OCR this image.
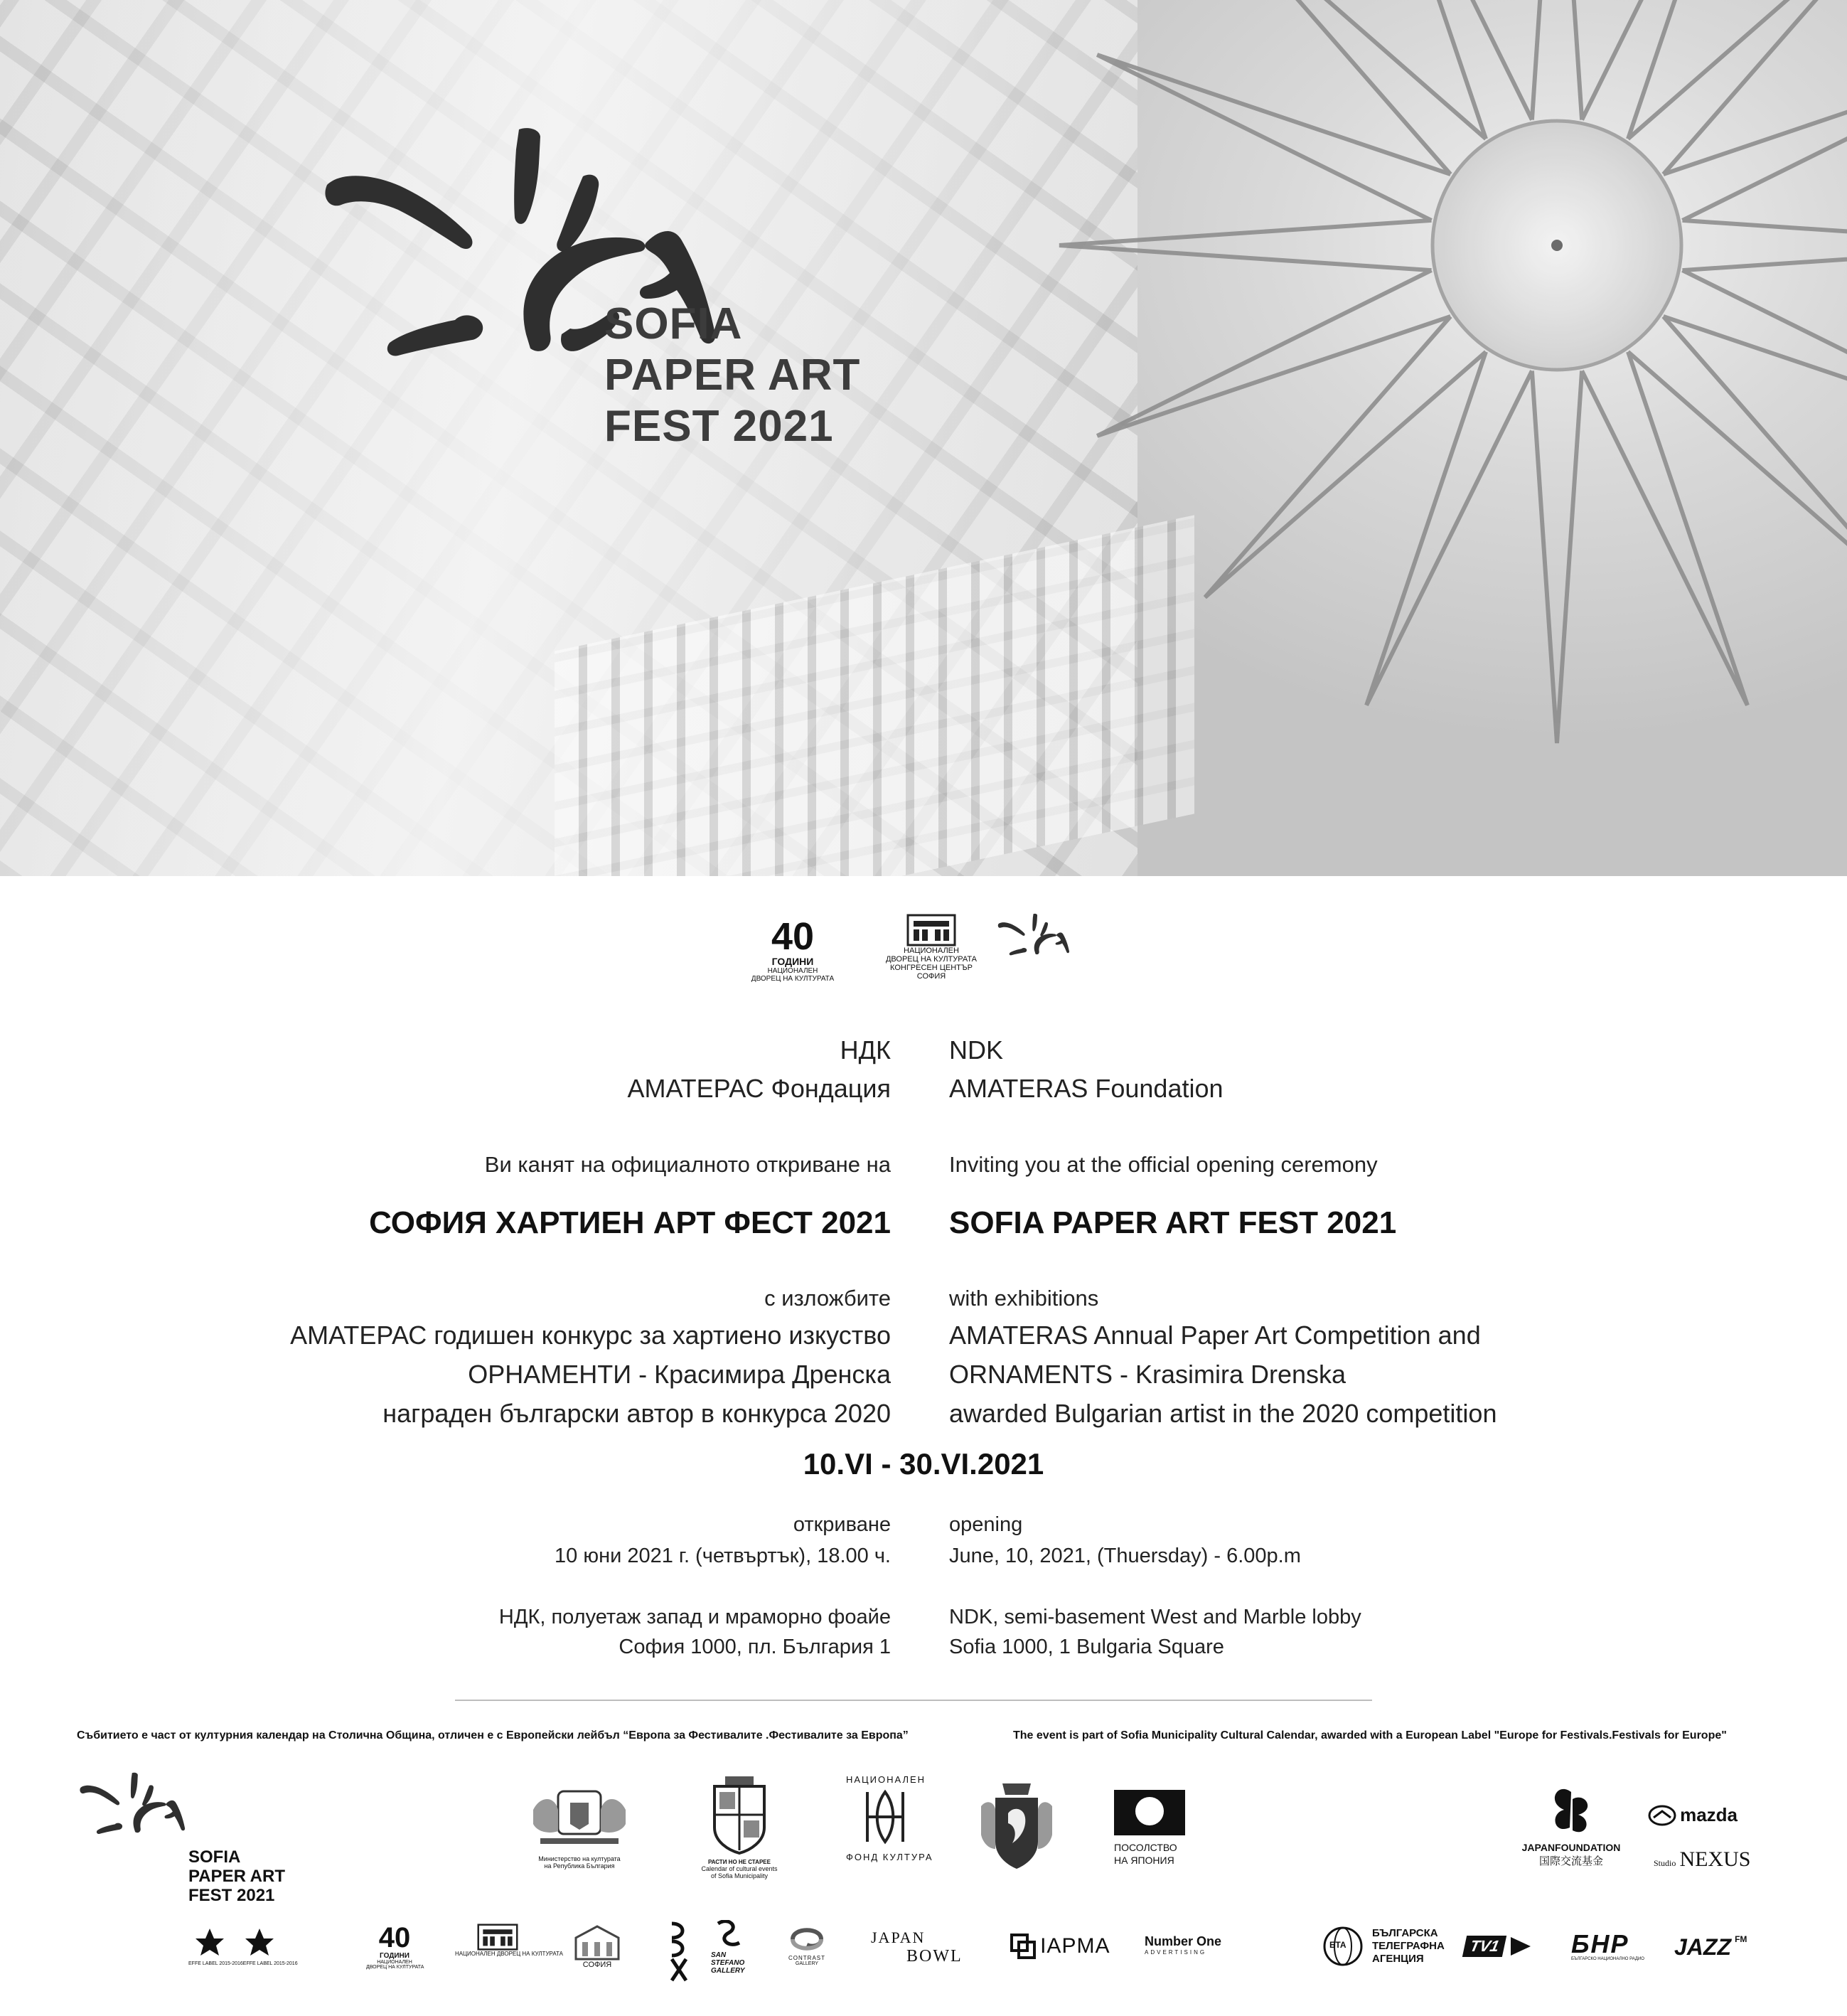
SOFIA
PAPER ART
FEST 2021
40
ГОДИНИ
НАЦИОНАЛЕН
ДВОРЕЦ НА КУЛТУРАТА
НАЦИОНАЛЕН
ДВОРЕЦ НА КУЛТУРАТА
КОНГРЕСЕН ЦЕНТЪР
СОФИЯ
НДК NDK
АМАТЕРАС Фондация AMATERAS Foundation
Ви канят на официалното откриване на	Inviting you at the official opening ceremony
СОФИЯ ХАРТИЕН АРТ ФЕСТ 2021 SOFIA PAPER ART FEST 2021
с изложбите	with exhibitions
АМАТЕРАС годишен конкурс за хартиено изкуство AMATERAS Annual Paper Art Competition and
ОРНАМЕНТИ - Красимира Дренска ORNAMENTS - Krasimira Drenska
награден български автор в конкурса 2020 awarded Bulgarian artist in the 2020 competition
10.VI - 30.VI.2021
откриване	opening
10 юни 2021 г. (четвъртък), 18.00 ч.	June, 10, 2021, (Thuersday) - 6.00p.m
НДК, полуетаж запад и мраморно фоайе	NDK, semi-basement West and Marble lobby
София 1000, пл. България 1	Sofia 1000, 1 Bulgaria Square
Събитието е част от културния календар на Столична Община, отличен е с Европейски лейбъл “Европа за Фестивалите .Фестивалите за Европа”	The event is part of Sofia Municipality Cultural Calendar, awarded with a European Label "Europe for Festivals.Festivals for Europe"
SOFIA
PAPER ART
FEST 2021
Министерство на културата
на Република България
РАСТИ НО НЕ СТАРЕЕ
Calendar of cultural events
of Sofia Municipality
НАЦИОНАЛЕН
ФОНД КУЛТУРА
ПОСОЛСТВО
НА ЯПОНИЯ
JAPANFOUNDATION
国際交流基金
mazda
Studio NEXUS
EFFE LABEL 2015-2016 EFFE LABEL 2015-2016
40
ГОДИНИ
НАЦИОНАЛЕН
ДВОРЕЦ НА КУЛТУРАТА
НАЦИОНАЛЕН ДВОРЕЦ НА КУЛТУРАТА
СОФИЯ
SAN
STEFANO
GALLERY
CONTRAST
GALLERY
JAPAN
BOWL	IAPMA	Number One
ADVERTISING
БТА
БЪЛГАРСКА
ТЕЛЕГРАФНА
АГЕНЦИЯ
TV1	БНР
БЪЛГАРСКО НАЦИОНАЛНО РАДИО	JAZZ $^{FM}$
